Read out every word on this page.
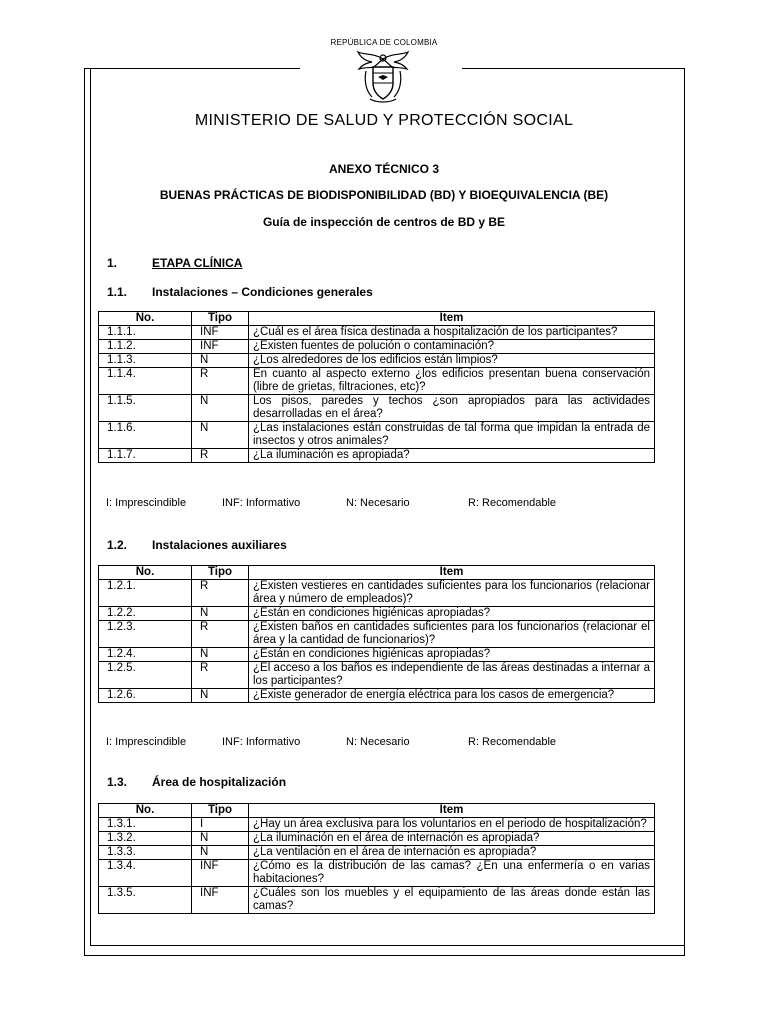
REPÚBLICA DE COLOMBIA
MINISTERIO DE SALUD Y PROTECCIÓN SOCIAL
ANEXO TÉCNICO 3
BUENAS PRÁCTICAS DE BIODISPONIBILIDAD (BD) Y BIOEQUIVALENCIA (BE)
Guía de inspección de centros de BD y BE
1.	ETAPA CLÍNICA
1.1. Instalaciones – Condiciones generales
No.	Tipo	Item
1.1.1.	INF	¿Cuál es el área física destinada a hospitalización de los participantes?
1.1.2.	INF	¿Existen fuentes de polución o contaminación?
1.1.3.	N	¿Los alrededores de los edificios están limpios?
1.1.4.	R	En cuanto al aspecto externo ¿los edificios presentan buena conservación (libre de grietas, filtraciones, etc)?
1.1.5.	N	Los pisos, paredes y techos ¿son apropiados para las actividades desarrolladas en el área?
1.1.6.	N	¿Las instalaciones están construidas de tal forma que impidan la entrada de insectos y otros animales?
1.1.7.	R	¿La iluminación es apropiada?
I: Imprescindible	INF: Informativo	N: Necesario	R: Recomendable
1.2. Instalaciones auxiliares
No.	Tipo	Item
1.2.1.	R	¿Existen vestieres en cantidades suficientes para los funcionarios (relacionar área y número de empleados)?
1.2.2.	N	¿Están en condiciones higiénicas apropiadas?
1.2.3.	R	¿Existen baños en cantidades suficientes para los funcionarios (relacionar el área y la cantidad de funcionarios)?
1.2.4.	N	¿Están en condiciones higiénicas apropiadas?
1.2.5.	R	¿El acceso a los baños es independiente de las áreas destinadas a internar a los participantes?
1.2.6.	N	¿Existe generador de energía eléctrica para los casos de emergencia?
I: Imprescindible	INF: Informativo	N: Necesario	R: Recomendable
1.3. Área de hospitalización
No.	Tipo	Item
1.3.1.	I	¿Hay un área exclusiva para los voluntarios en el periodo de hospitalización?
1.3.2.	N	¿La iluminación en el área de internación es apropiada?
1.3.3.	N	¿La ventilación en el área de internación es apropiada?
1.3.4.	INF	¿Cómo es la distribución de las camas? ¿En una enfermería o en varias habitaciones?
1.3.5.	INF	¿Cuáles son los muebles y el equipamiento de las áreas donde están las camas?
